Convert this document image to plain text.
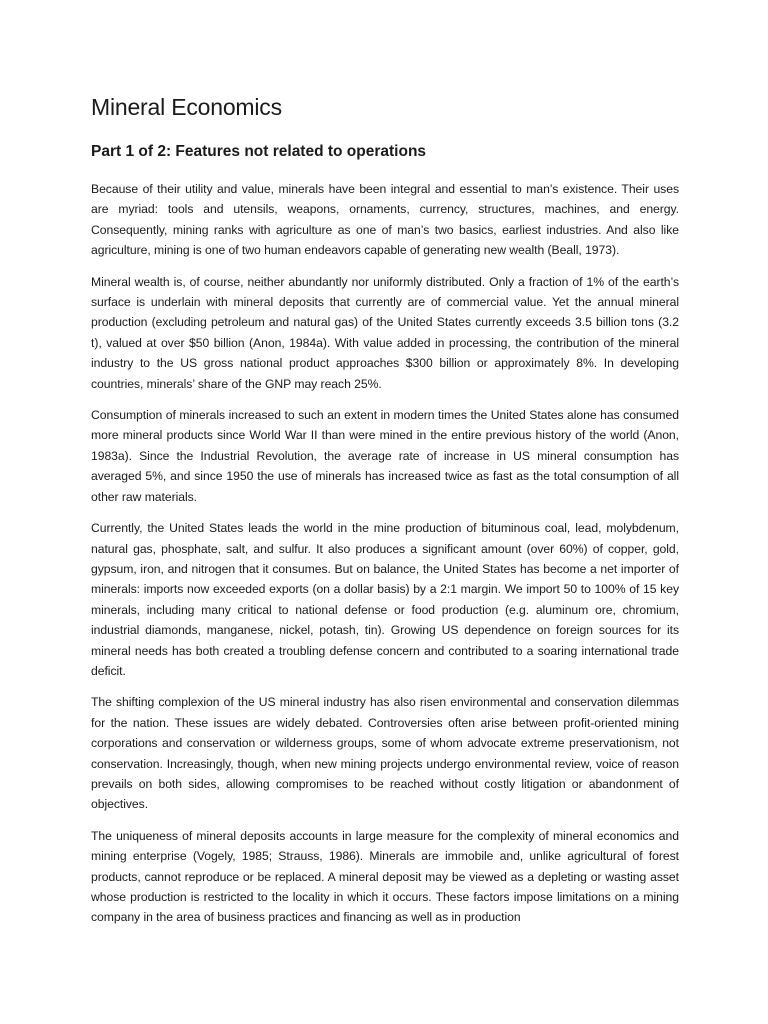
Mineral Economics
Part 1 of 2: Features not related to operations

Because of their utility and value, minerals have been integral and essential to man’s existence. Their uses are myriad: tools and utensils, weapons, ornaments, currency, structures, machines, and energy. Consequently, mining ranks with agriculture as one of man’s two basics, earliest industries. And also like agriculture, mining is one of two human endeavors capable of generating new wealth (Beall, 1973).

Mineral wealth is, of course, neither abundantly nor uniformly distributed. Only a fraction of 1% of the earth’s surface is underlain with mineral deposits that currently are of commercial value. Yet the annual mineral production (excluding petroleum and natural gas) of the United States currently exceeds 3.5 billion tons (3.2 t), valued at over $50 billion (Anon, 1984a). With value added in processing, the contribution of the mineral industry to the US gross national product approaches $300 billion or approximately 8%. In developing countries, minerals’ share of the GNP may reach 25%.

Consumption of minerals increased to such an extent in modern times the United States alone has consumed more mineral products since World War II than were mined in the entire previous history of the world (Anon, 1983a). Since the Industrial Revolution, the average rate of increase in US mineral consumption has averaged 5%, and since 1950 the use of minerals has increased twice as fast as the total consumption of all other raw materials.

Currently, the United States leads the world in the mine production of bituminous coal, lead, molybdenum, natural gas, phosphate, salt, and sulfur. It also produces a significant amount (over 60%) of copper, gold, gypsum, iron, and nitrogen that it consumes. But on balance, the United States has become a net importer of minerals: imports now exceeded exports (on a dollar basis) by a 2:1 margin. We import 50 to 100% of 15 key minerals, including many critical to national defense or food production (e.g. aluminum ore, chromium, industrial diamonds, manganese, nickel, potash, tin). Growing US dependence on foreign sources for its mineral needs has both created a troubling defense concern and contributed to a soaring international trade deficit.

The shifting complexion of the US mineral industry has also risen environmental and conservation dilemmas for the nation. These issues are widely debated. Controversies often arise between profit-oriented mining corporations and conservation or wilderness groups, some of whom advocate extreme preservationism, not conservation. Increasingly, though, when new mining projects undergo environmental review, voice of reason prevails on both sides, allowing compromises to be reached without costly litigation or abandonment of objectives.

The uniqueness of mineral deposits accounts in large measure for the complexity of mineral economics and mining enterprise (Vogely, 1985; Strauss, 1986). Minerals are immobile and, unlike agricultural of forest products, cannot reproduce or be replaced. A mineral deposit may be viewed as a depleting or wasting asset whose production is restricted to the locality in which it occurs. These factors impose limitations on a mining company in the area of business practices and financing as well as in production
